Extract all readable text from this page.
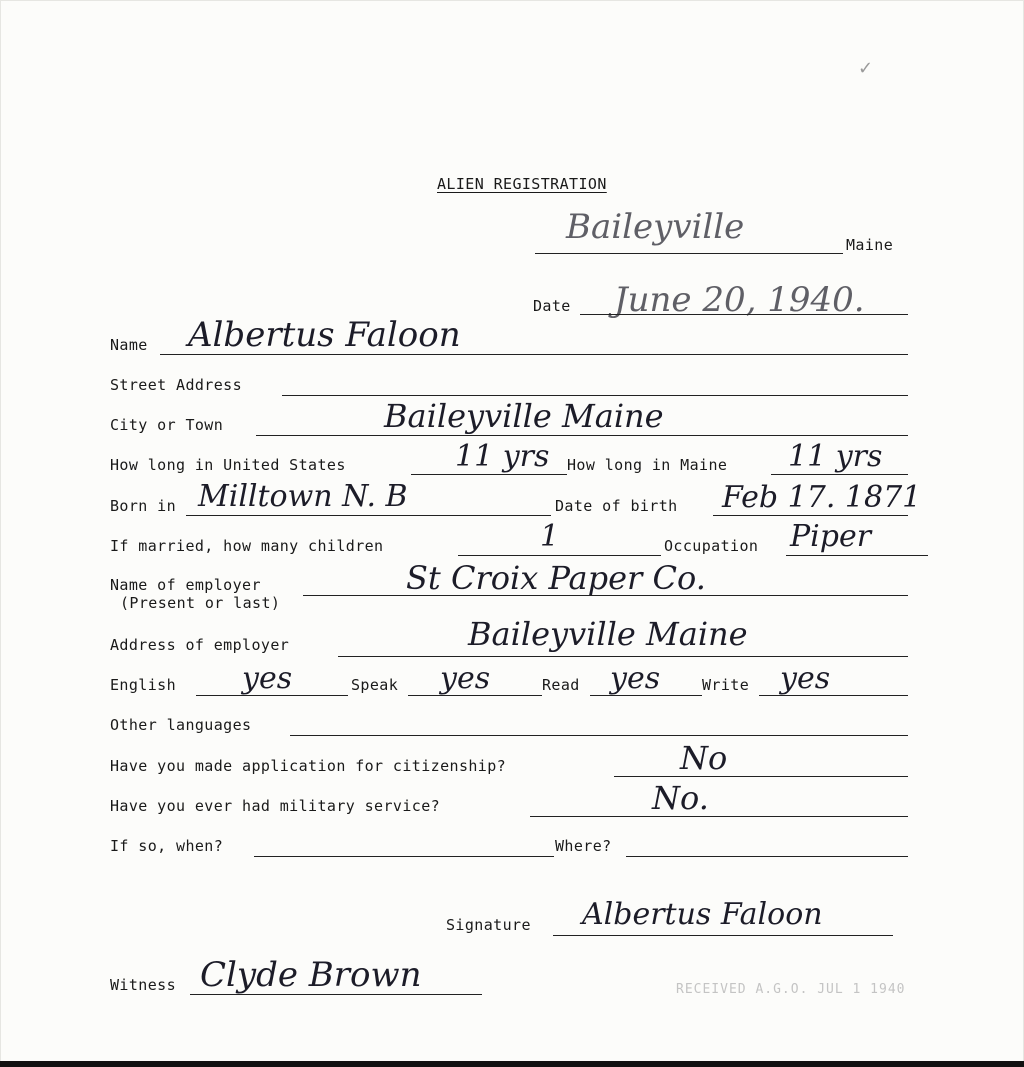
✓
ALIEN REGISTRATION
Baileyville	Maine
Date June 20, 1940.
Name Albertus Faloon
Street Address
City or Town	Baileyville Maine
How long in United States	11 yrs How long in Maine 11 yrs
Born in Milltown N. B	Date of birth Feb 17. 1871
If married, how many children	1	Occupation Piper
Name of employer
(Present or last)
St Croix Paper Co.
Address of employer	Baileyville Maine
English yes	Speak yes	Read yes	Write yes
Other languages
Have you made application for citizenship?	No
Have you ever had military service?	No.
If so, when?	Where?
Signature Albertus Faloon
Witness Clyde Brown	RECEIVED A.G.O. JUL 1 1940
